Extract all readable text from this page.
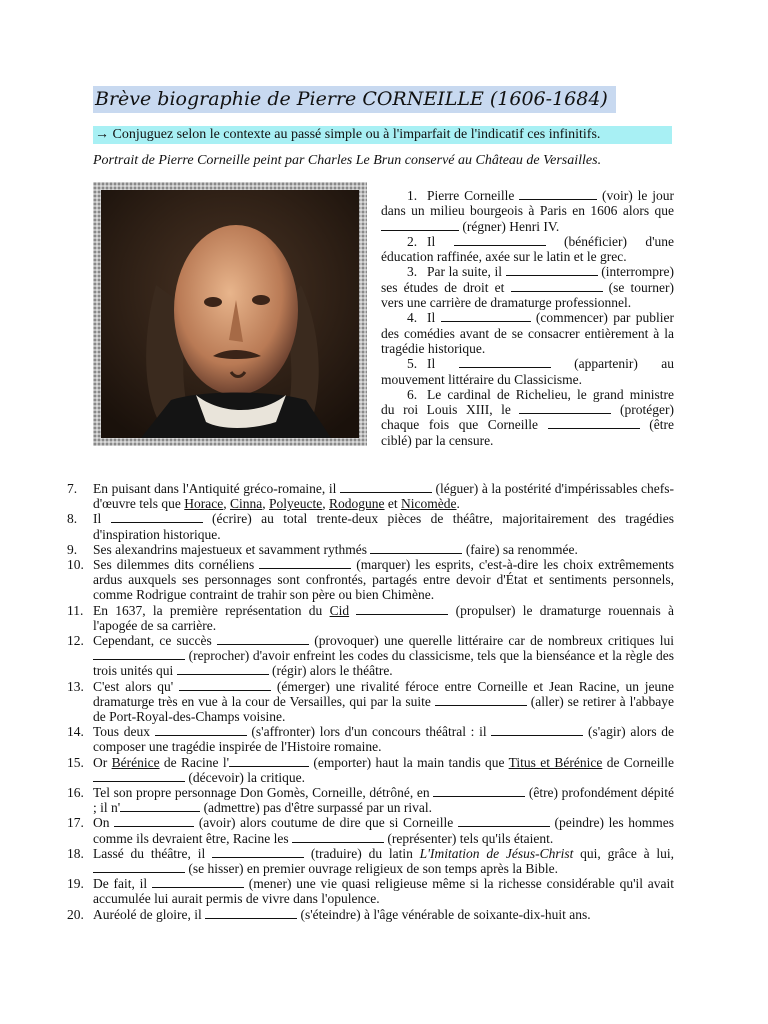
Brève biographie de Pierre CORNEILLE (1606-1684)
→ Conjuguez selon le contexte au passé simple ou à l'imparfait de l'indicatif ces infinitifs.
Portrait de Pierre Corneille peint par Charles Le Brun conservé au Château de Versailles.

1. Pierre Corneille	(voir) le jour dans un milieu bourgeois à Paris en 1606 alors que  (régner) Henri IV.

2. Il	(bénéficier) d'une éducation raffinée, axée sur le latin et le grec.

3. Par la suite, il	(interrompre) ses études de droit et	(se tourner) vers une carrière de dramaturge professionnel.

4. Il	(commencer) par publier des comédies avant de se consacrer entièrement à la tragédie historique.

5. Il	(appartenir) au mouvement littéraire du Classicisme.

6. Le cardinal de Richelieu, le grand ministre du roi Louis XIII, le	(protéger) chaque fois que Corneille	(être ciblé) par la censure.

7.	En puisant dans l'Antiquité gréco-romaine, il	(léguer) à la postérité d'impérissables chefs-d'œuvre tels que Horace, Cinna, Polyeucte, Rodogune et Nicomède.
8.	Il	(écrire) au total trente-deux pièces de théâtre, majoritairement des tragédies d'inspiration historique.
9.	Ses alexandrins majestueux et savamment rythmés	(faire) sa renommée.
10. Ses dilemmes dits cornéliens	(marquer) les esprits, c'est-à-dire les choix extrêmements ardus auxquels ses personnages sont confrontés, partagés entre devoir d'État et sentiments personnels, comme Rodrigue contraint de trahir son père ou bien Chimène.
11. En 1637, la première représentation du Cid	(propulser) le dramaturge rouennais à l'apogée de sa carrière.
12. Cependant, ce succès	(provoquer) une querelle littéraire car de nombreux critiques lui  (reprocher) d'avoir enfreint les codes du classicisme, tels que la bienséance et la règle des trois unités qui	(régir) alors le théâtre.
13. C'est alors qu'	(émerger) une rivalité féroce entre Corneille et Jean Racine, un jeune dramaturge très en vue à la cour de Versailles, qui par la suite	(aller) se retirer à l'abbaye de Port-Royal-des-Champs voisine.
14. Tous deux	(s'affronter) lors d'un concours théâtral : il	(s'agir) alors de composer une tragédie inspirée de l'Histoire romaine.
15. Or Bérénice de Racine l'	(emporter) haut la main tandis que Titus et Bérénice de Corneille  (décevoir) la critique.
16. Tel son propre personnage Don Gomès, Corneille, détrôné, en	(être) profondément dépité ; il n'	(admettre) pas d'être surpassé par un rival.
17. On	(avoir) alors coutume de dire que si Corneille	(peindre) les hommes comme ils devraient être, Racine les	(représenter) tels qu'ils étaient.
18. Lassé du théâtre, il	(traduire) du latin L'Imitation de Jésus-Christ qui, grâce à lui,  (se hisser) en premier ouvrage religieux de son temps après la Bible.
19. De fait, il	(mener) une vie quasi religieuse même si la richesse considérable qu'il avait accumulée lui aurait permis de vivre dans l'opulence.
20. Auréolé de gloire, il	(s'éteindre) à l'âge vénérable de soixante-dix-huit ans.
